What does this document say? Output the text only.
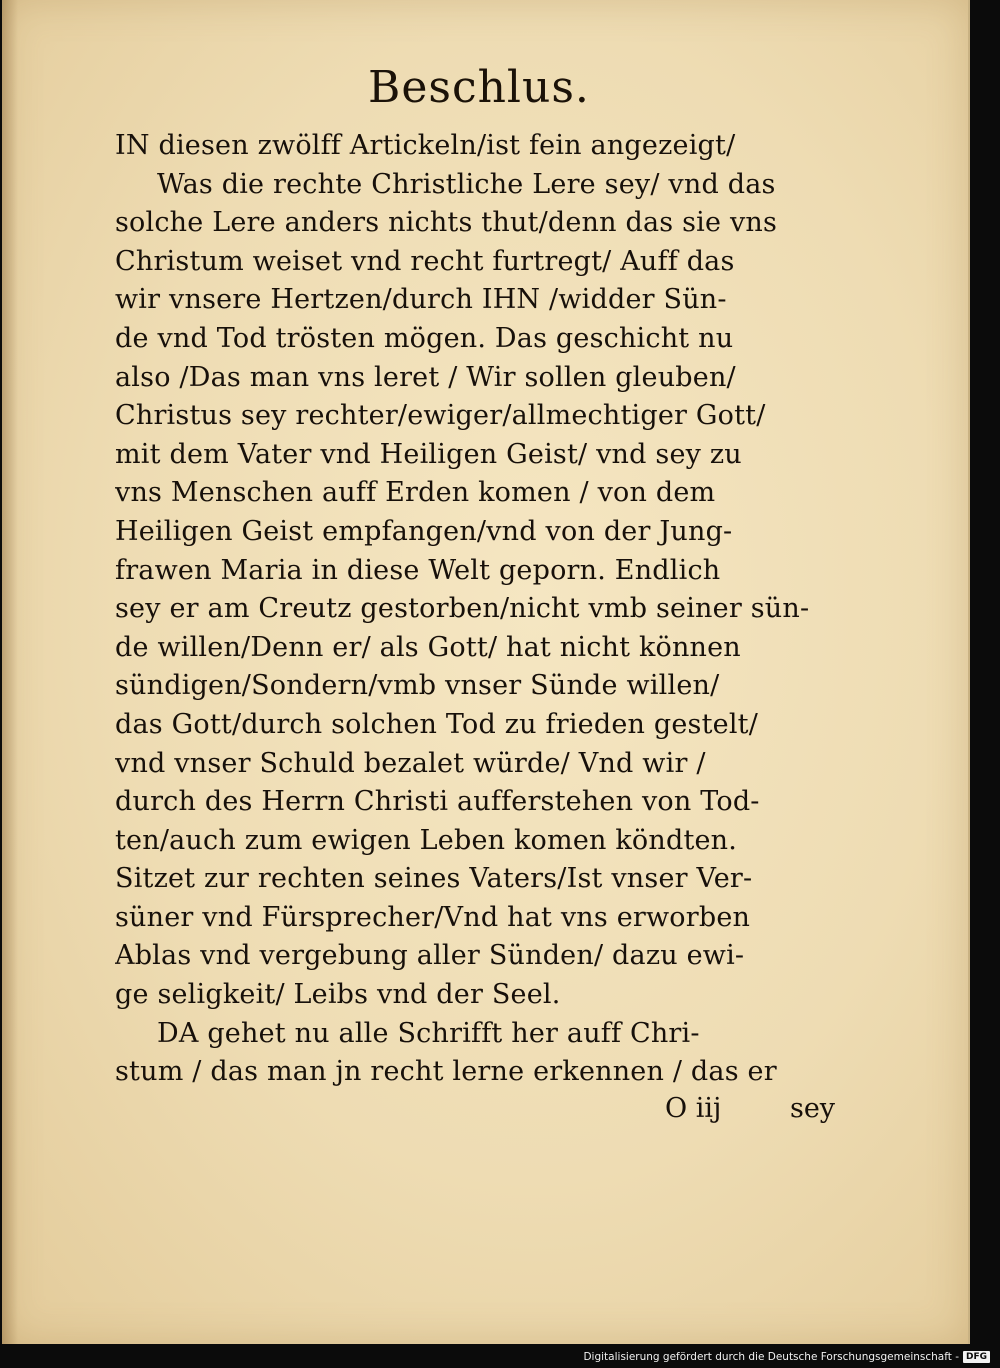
Beschlus.
IN diesen zwölff Artickeln/ist fein angezeigt/
Was die rechte Christliche Lere sey/ vnd das
solche Lere anders nichts thut/denn das sie vns
Christum weiset vnd recht furtregt/ Auff das
wir vnsere Hertzen/durch IHN /widder Sün-
de vnd Tod trösten mögen. Das geschicht nu
also /Das man vns leret / Wir sollen gleuben/
Christus sey rechter/ewiger/allmechtiger Gott/
mit dem Vater vnd Heiligen Geist/ vnd sey zu
vns Menschen auff Erden komen / von dem
Heiligen Geist empfangen/vnd von der Jung-
frawen Maria in diese Welt geporn. Endlich
sey er am Creutz gestorben/nicht vmb seiner sün-
de willen/Denn er/ als Gott/ hat nicht können
sündigen/Sondern/vmb vnser Sünde willen/
das Gott/durch solchen Tod zu frieden gestelt/
vnd vnser Schuld bezalet würde/ Vnd wir /
durch des Herrn Christi aufferstehen von Tod-
ten/auch zum ewigen Leben komen köndten.
Sitzet zur rechten seines Vaters/Ist vnser Ver-
süner vnd Fürsprecher/Vnd hat vns erworben
Ablas vnd vergebung aller Sünden/ dazu ewi-
ge seligkeit/ Leibs vnd der Seel.
DA gehet nu alle Schrifft her auff Chri-
stum / das man jn recht lerne erkennen / das er
O iij	sey
Digitalisierung gefördert durch die Deutsche Forschungsgemeinschaft - DFG
